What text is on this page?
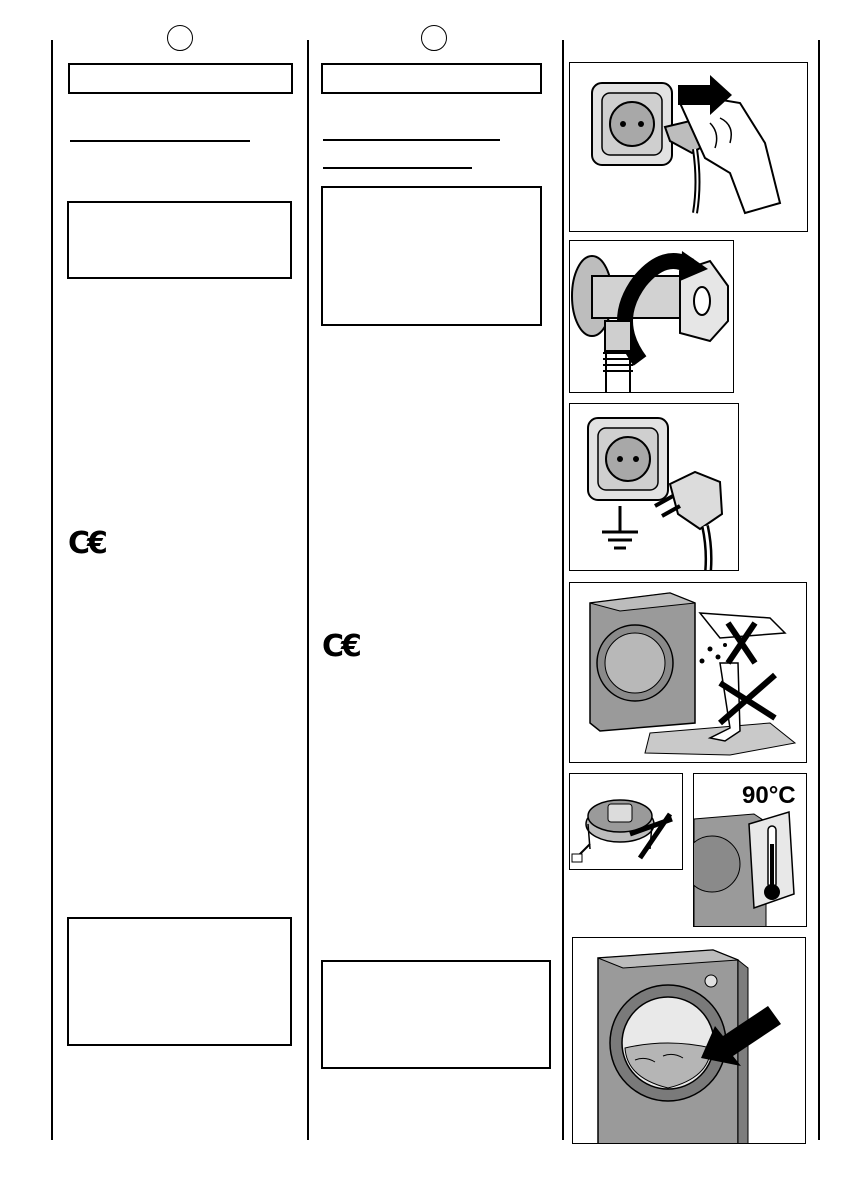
C€
C€
90°C
